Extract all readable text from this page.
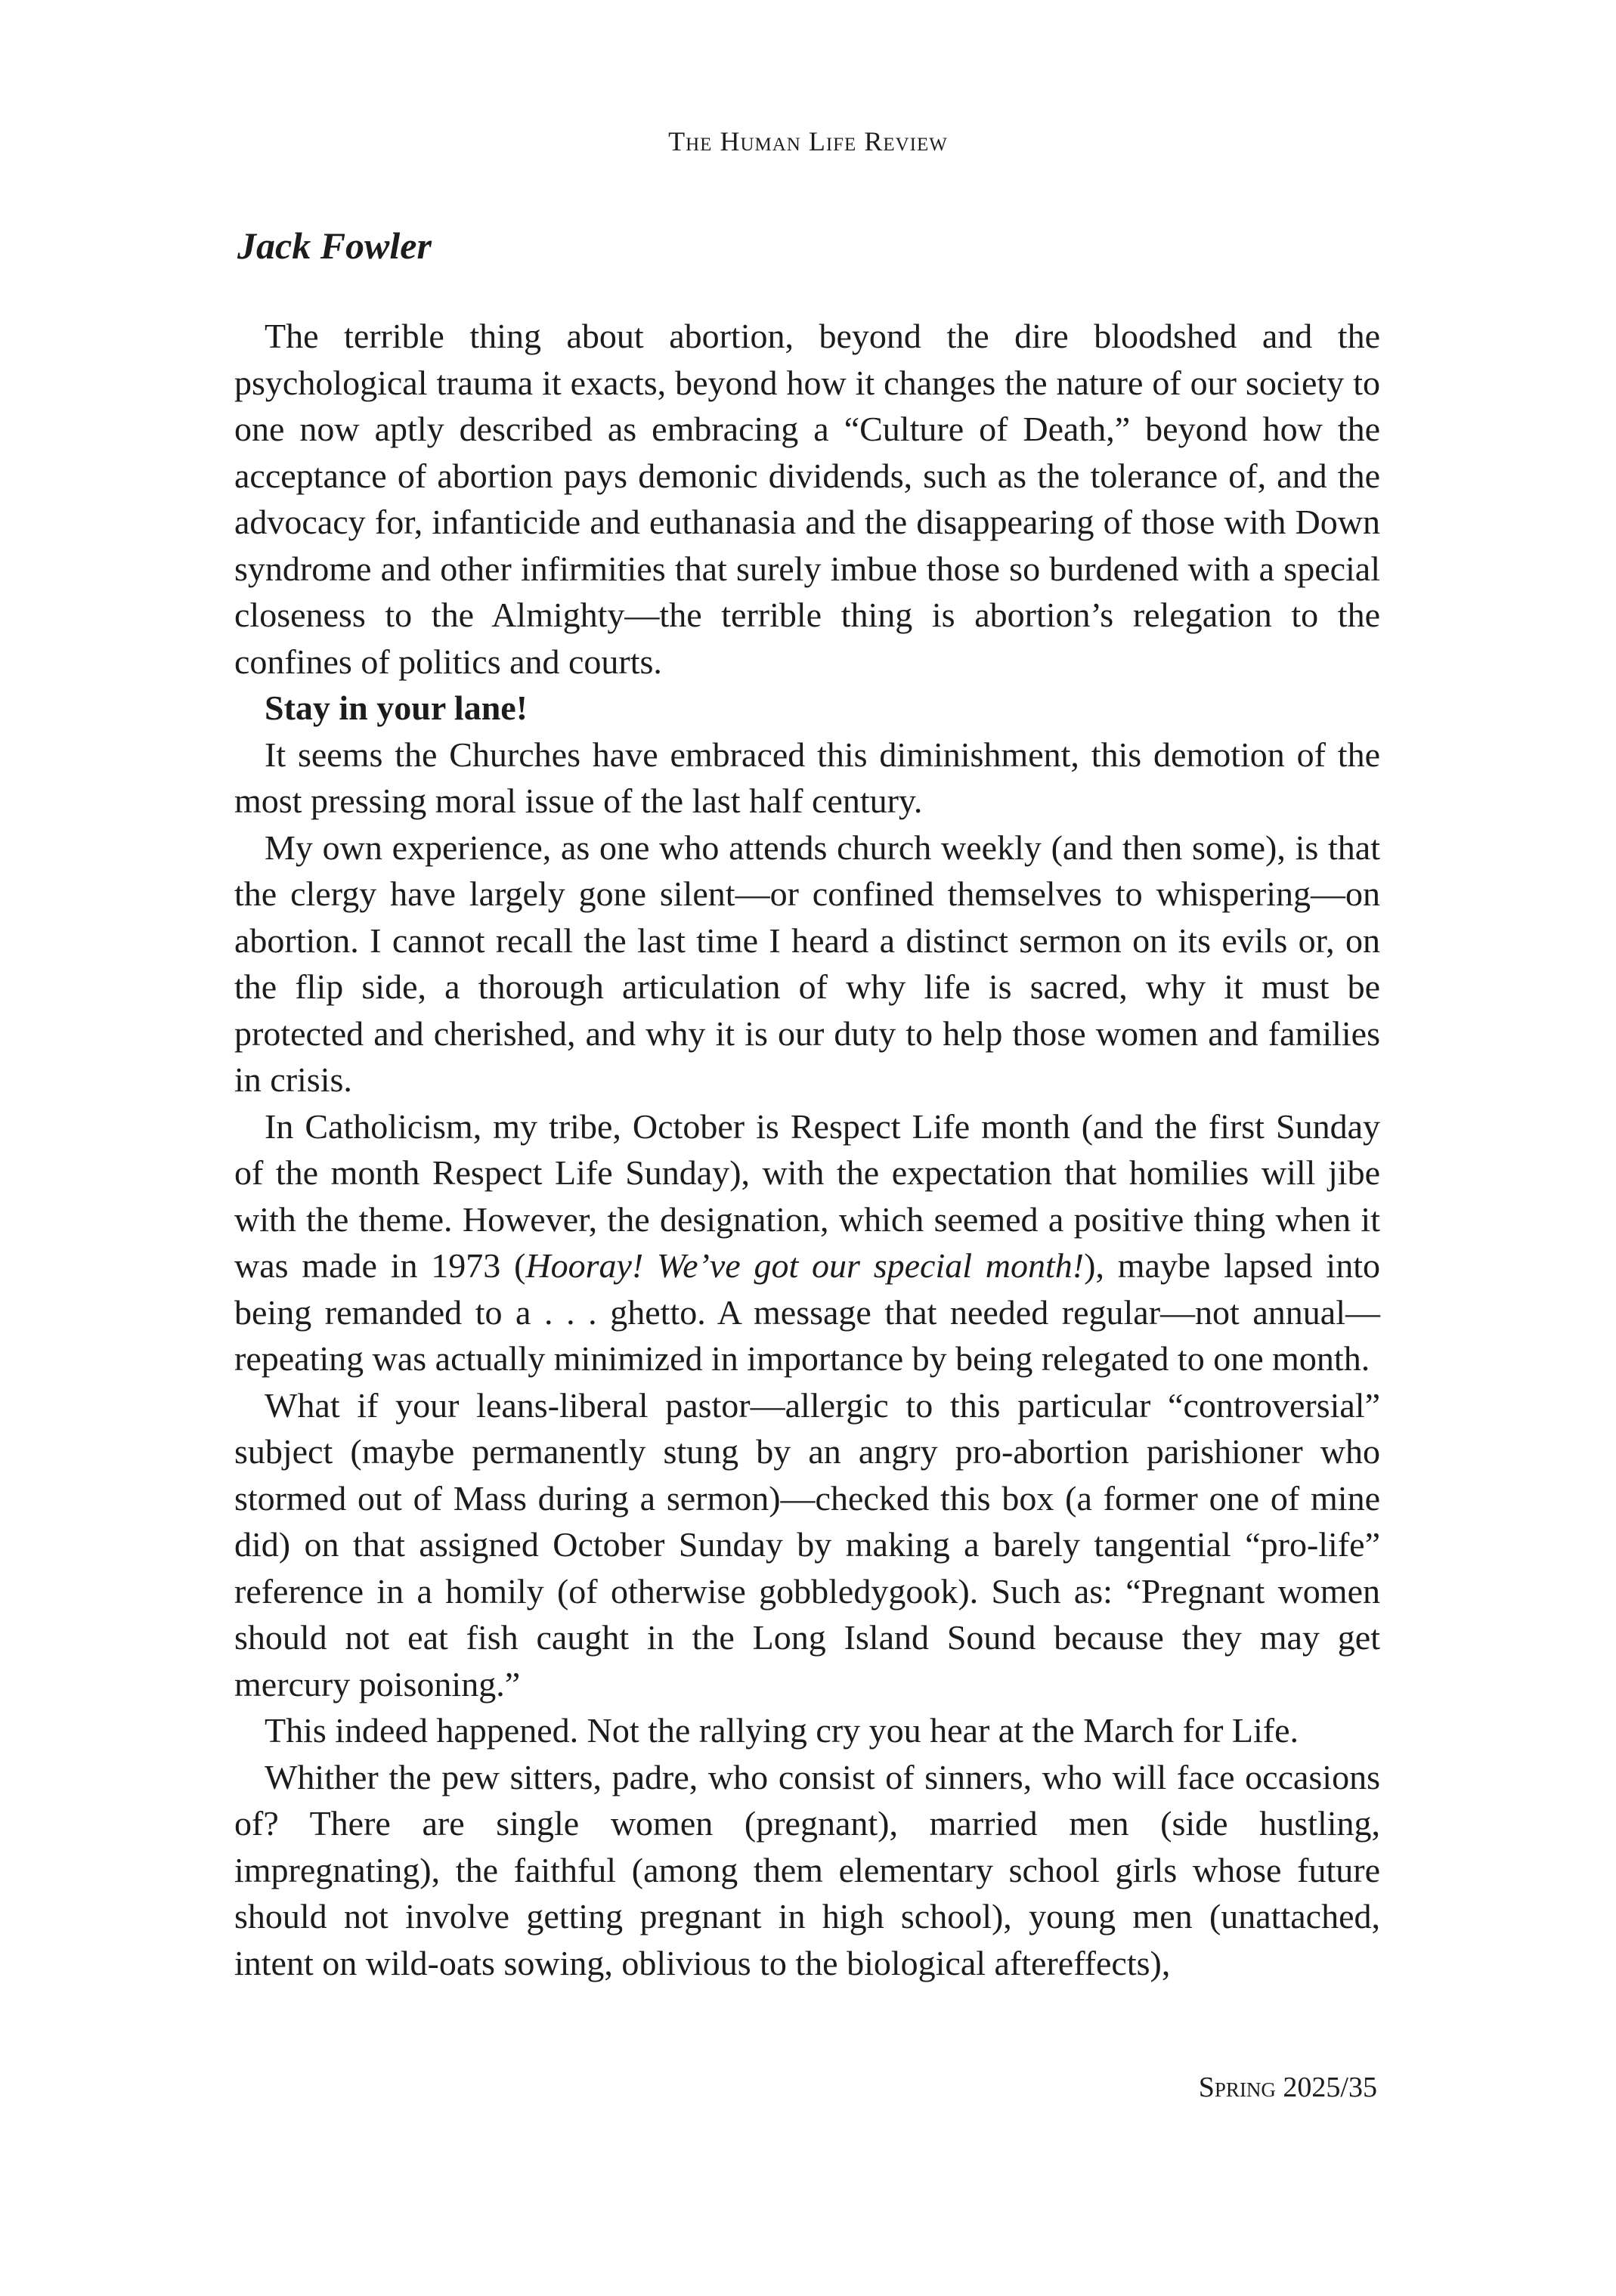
The Human Life Review
Jack Fowler

The terrible thing about abortion, beyond the dire bloodshed and the psychological trauma it exacts, beyond how it changes the nature of our society to one now aptly described as embracing a “Culture of Death,” beyond how the acceptance of abortion pays demonic dividends, such as the tolerance of, and the advocacy for, infanticide and euthanasia and the disappearing of those with Down syndrome and other infirmities that surely imbue those so burdened with a special closeness to the Almighty—the terrible thing is abortion’s relegation to the confines of politics and courts.

Stay in your lane!

It seems the Churches have embraced this diminishment, this demotion of the most pressing moral issue of the last half century.

My own experience, as one who attends church weekly (and then some), is that the clergy have largely gone silent—or confined themselves to whispering—on abortion. I cannot recall the last time I heard a distinct sermon on its evils or, on the flip side, a thorough articulation of why life is sacred, why it must be protected and cherished, and why it is our duty to help those women and families in crisis.

In Catholicism, my tribe, October is Respect Life month (and the first Sunday of the month Respect Life Sunday), with the expectation that homilies will jibe with the theme. However, the designation, which seemed a positive thing when it was made in 1973 (Hooray! We’ve got our special month!), maybe lapsed into being remanded to a . . . ghetto. A message that needed regular—not annual—repeating was actually minimized in importance by being relegated to one month.

What if your leans-liberal pastor—allergic to this particular “controversial” subject (maybe permanently stung by an angry pro-abortion parishioner who stormed out of Mass during a sermon)—checked this box (a former one of mine did) on that assigned October Sunday by making a barely tangential “pro-life” reference in a homily (of otherwise gobbledygook). Such as: “Pregnant women should not eat fish caught in the Long Island Sound because they may get mercury poisoning.”

This indeed happened. Not the rallying cry you hear at the March for Life.

Whither the pew sitters, padre, who consist of sinners, who will face occasions of? There are single women (pregnant), married men (side hustling, impregnating), the faithful (among them elementary school girls whose future should not involve getting pregnant in high school), young men (unattached, intent on wild-oats sowing, oblivious to the biological aftereffects),

Spring 2025/35
